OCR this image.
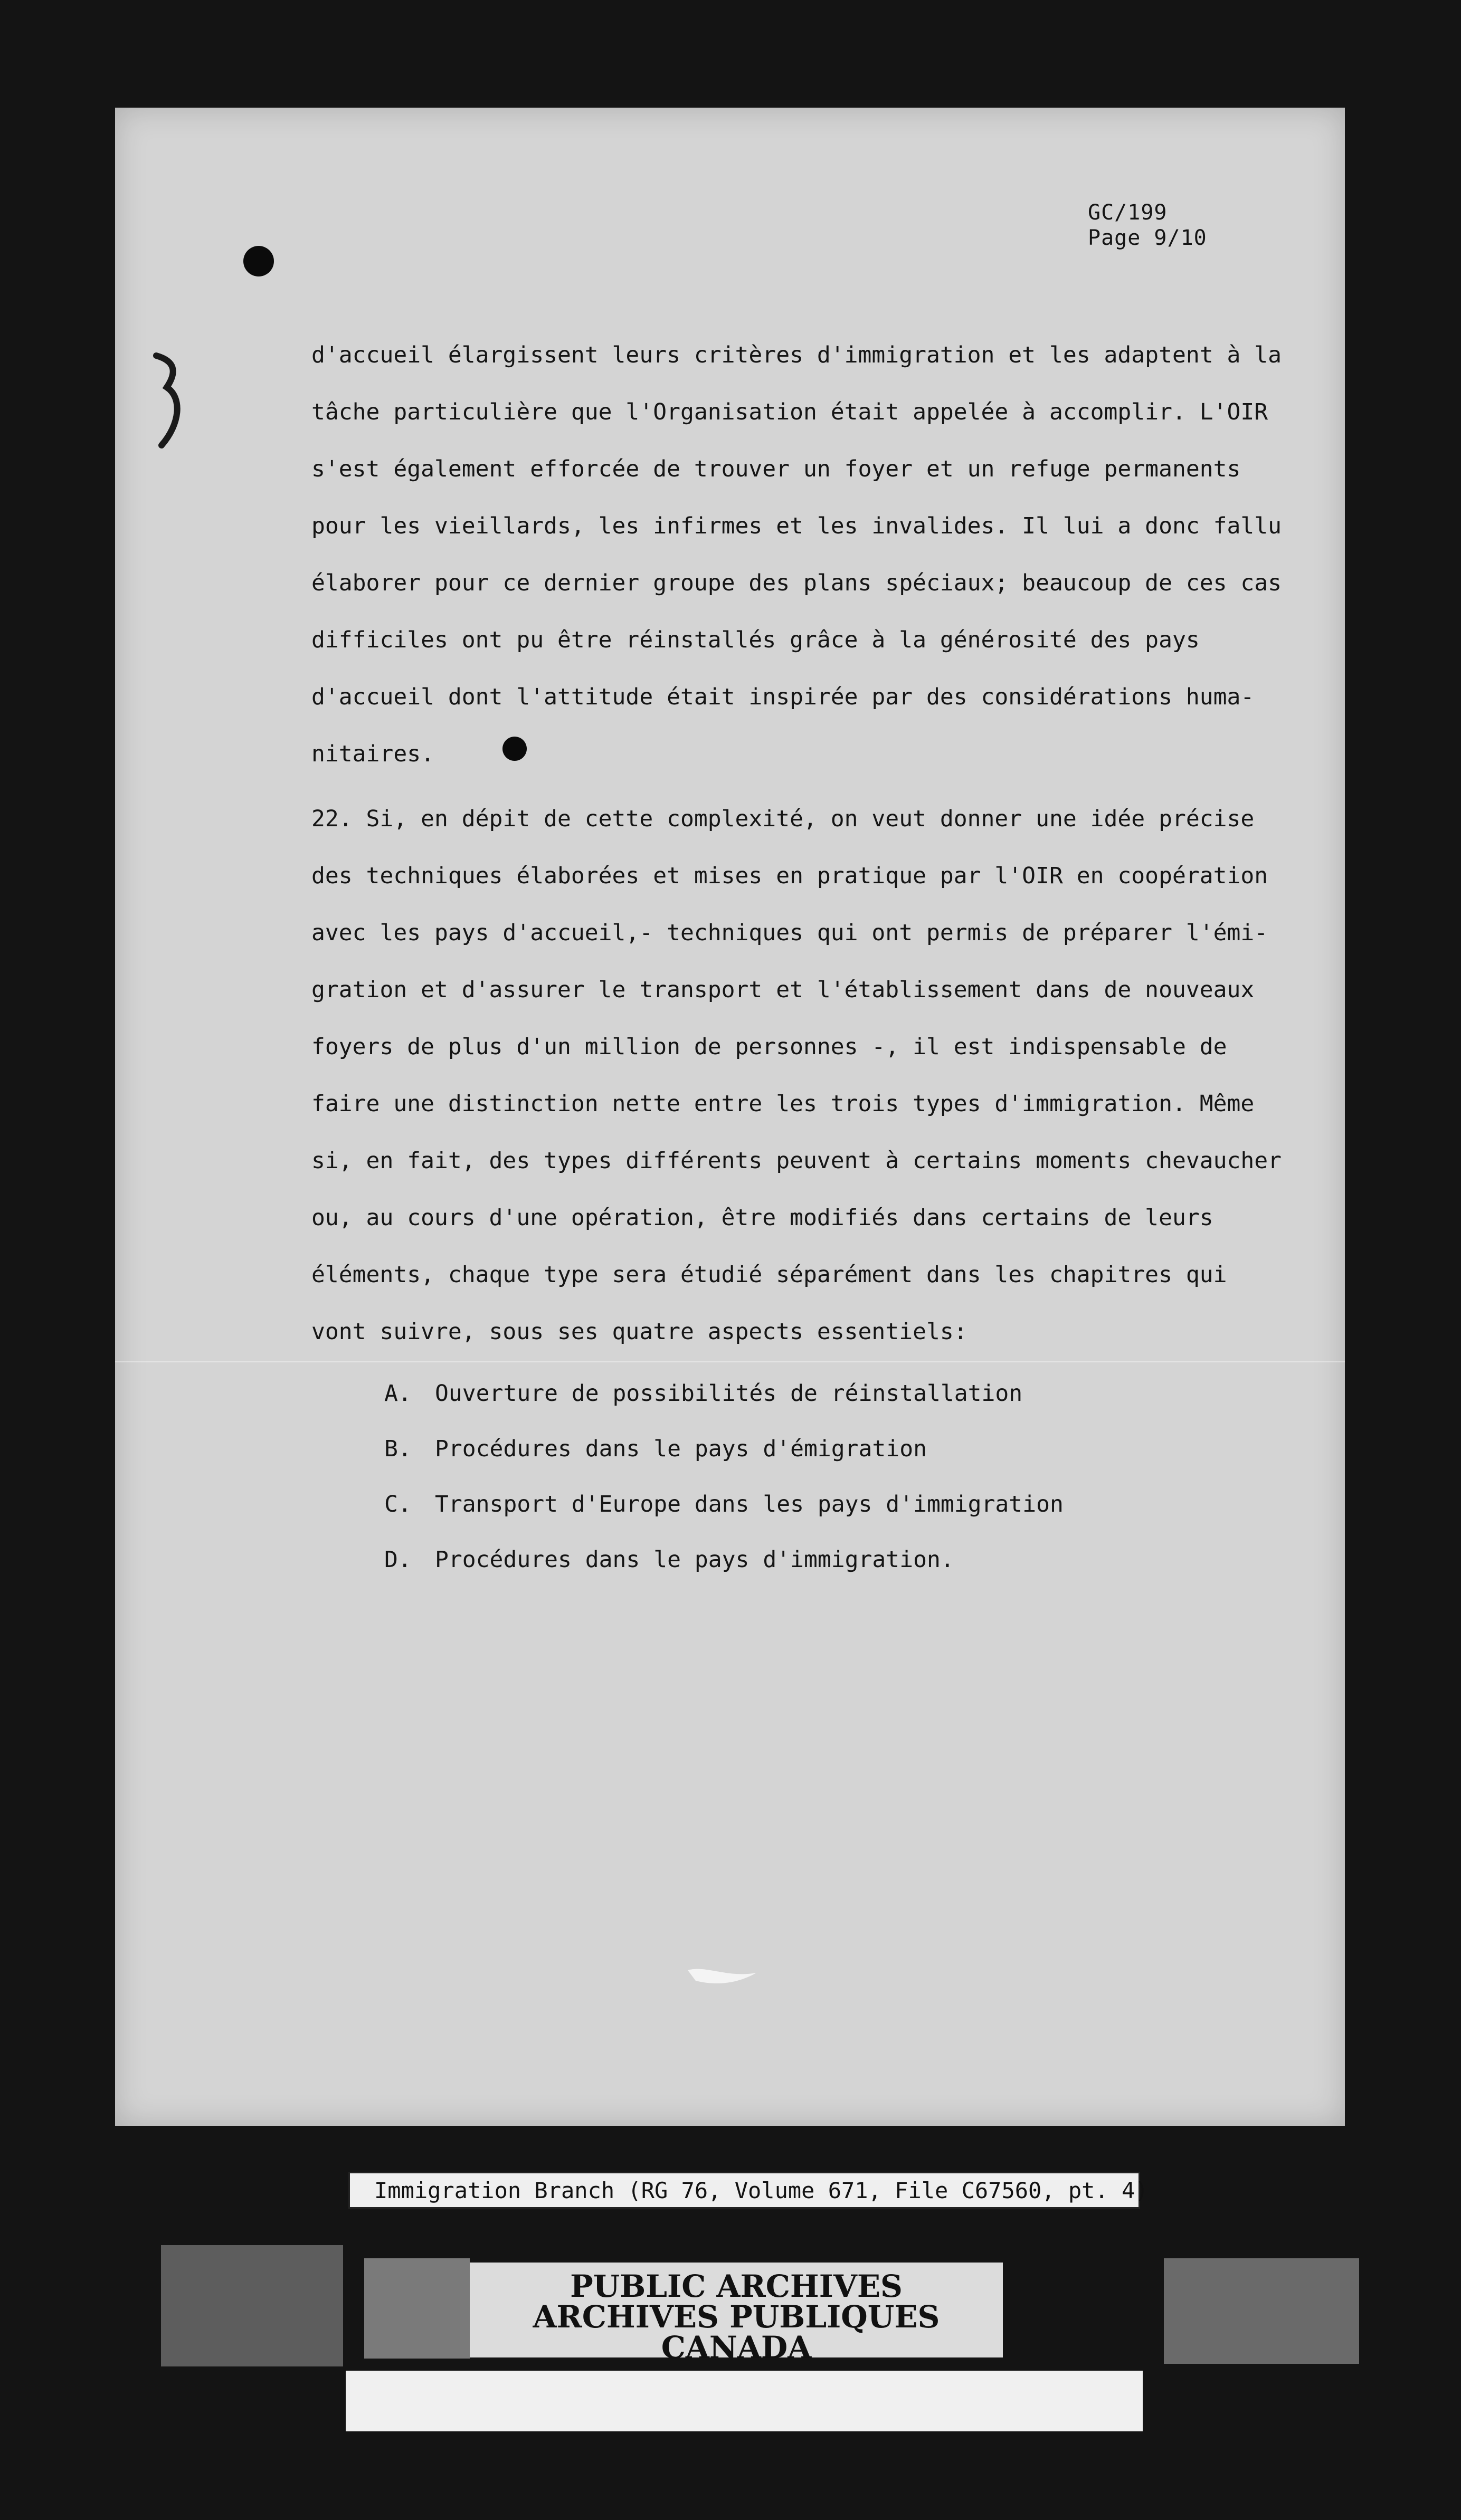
GC/199
Page 9/10
d'accueil élargissent leurs critères d'immigration et les adaptent à la
tâche particulière que l'Organisation était appelée à accomplir. L'OIR
s'est également efforcée de trouver un foyer et un refuge permanents
pour les vieillards, les infirmes et les invalides. Il lui a donc fallu
élaborer pour ce dernier groupe des plans spéciaux; beaucoup de ces cas
difficiles ont pu être réinstallés grâce à la générosité des pays
d'accueil dont l'attitude était inspirée par des considérations huma-
nitaires.
22. Si, en dépit de cette complexité, on veut donner une idée précise
des techniques élaborées et mises en pratique par l'OIR en coopération
avec les pays d'accueil,- techniques qui ont permis de préparer l'émi-
gration et d'assurer le transport et l'établissement dans de nouveaux
foyers de plus d'un million de personnes -, il est indispensable de
faire une distinction nette entre les trois types d'immigration. Même
si, en fait, des types différents peuvent à certains moments chevaucher
ou, au cours d'une opération, être modifiés dans certains de leurs
éléments, chaque type sera étudié séparément dans les chapitres qui
vont suivre, sous ses quatre aspects essentiels:
A. Ouverture de possibilités de réinstallation
B. Procédures dans le pays d'émigration
C. Transport d'Europe dans les pays d'immigration
D. Procédures dans le pays d'immigration.
Immigration Branch (RG 76, Volume 671, File C67560, pt. 4)
PUBLIC ARCHIVES
ARCHIVES PUBLIQUES
CANADA
